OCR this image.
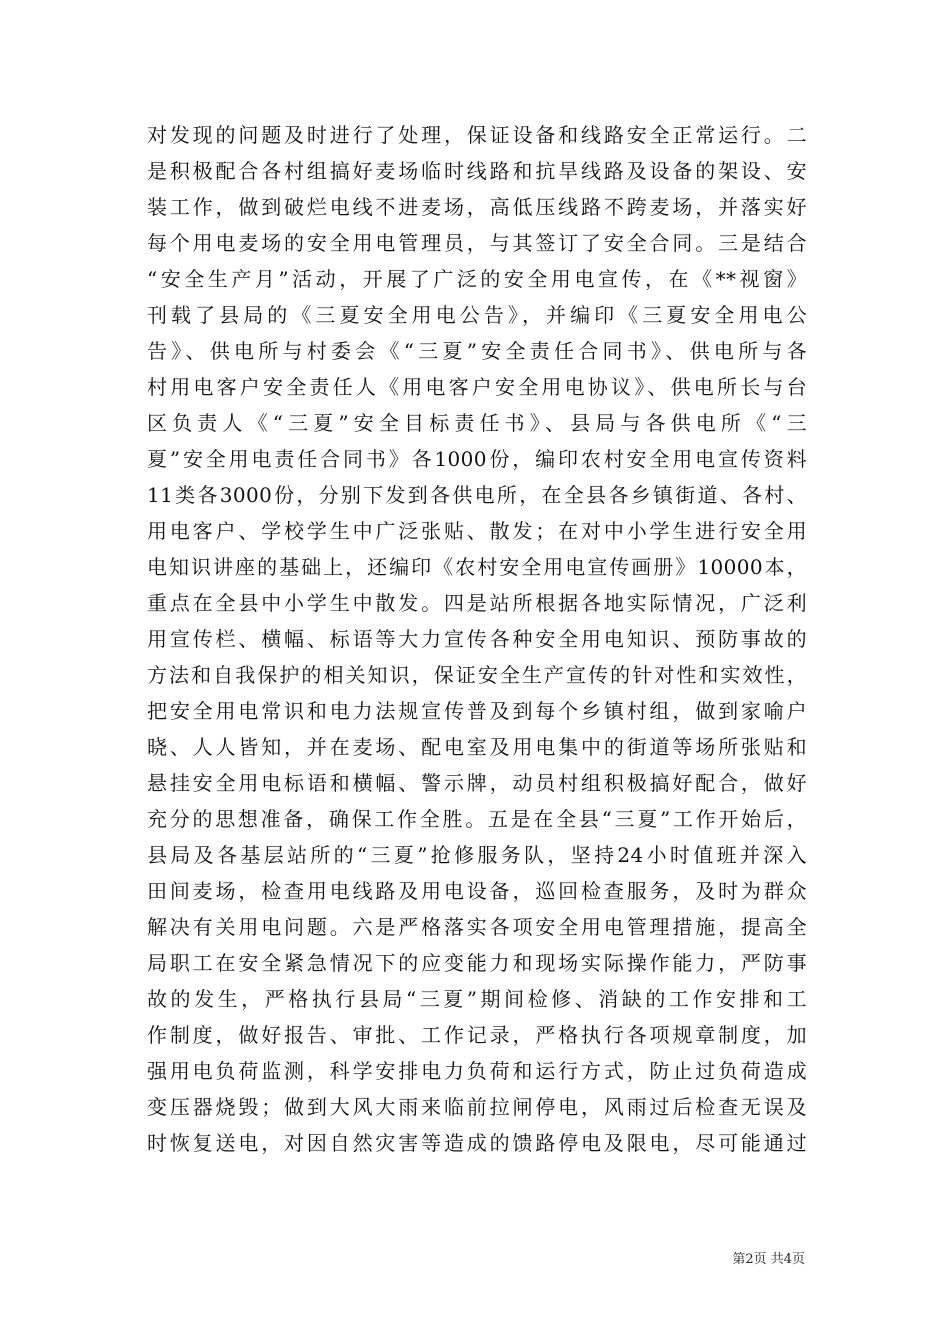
对发现的问题及时进行了处理，保证设备和线路安全正常运行。二
是积极配合各村组搞好麦场临时线路和抗旱线路及设备的架设、安
装工作，做到破烂电线不进麦场，高低压线路不跨麦场，并落实好
每个用电麦场的安全用电管理员，与其签订了安全合同。三是结合
“安全生产月”活动，开展了广泛的安全用电宣传，在《**视窗》
刊载了县局的《三夏安全用电公告》，并编印《三夏安全用电公
告》、供电所与村委会《“三夏”安全责任合同书》、供电所与各
村用电客户安全责任人《用电客户安全用电协议》、供电所长与台
区负责人《“三夏”安全目标责任书》、县局与各供电所《“三
夏”安全用电责任合同书》各1000份，编印农村安全用电宣传资料
11类各3000份，分别下发到各供电所，在全县各乡镇街道、各村、
用电客户、学校学生中广泛张贴、散发；在对中小学生进行安全用
电知识讲座的基础上，还编印《农村安全用电宣传画册》10000本，
重点在全县中小学生中散发。四是站所根据各地实际情况，广泛利
用宣传栏、横幅、标语等大力宣传各种安全用电知识、预防事故的
方法和自我保护的相关知识，保证安全生产宣传的针对性和实效性，
把安全用电常识和电力法规宣传普及到每个乡镇村组，做到家喻户
晓、人人皆知，并在麦场、配电室及用电集中的街道等场所张贴和
悬挂安全用电标语和横幅、警示牌，动员村组积极搞好配合，做好
充分的思想准备，确保工作全胜。五是在全县“三夏”工作开始后，
县局及各基层站所的“三夏”抢修服务队，坚持24小时值班并深入
田间麦场，检查用电线路及用电设备，巡回检查服务，及时为群众
解决有关用电问题。六是严格落实各项安全用电管理措施，提高全
局职工在安全紧急情况下的应变能力和现场实际操作能力，严防事
故的发生，严格执行县局“三夏”期间检修、消缺的工作安排和工
作制度，做好报告、审批、工作记录，严格执行各项规章制度，加
强用电负荷监测，科学安排电力负荷和运行方式，防止过负荷造成
变压器烧毁；做到大风大雨来临前拉闸停电，风雨过后检查无误及
时恢复送电，对因自然灾害等造成的馈路停电及限电，尽可能通过
第2页 共4页
